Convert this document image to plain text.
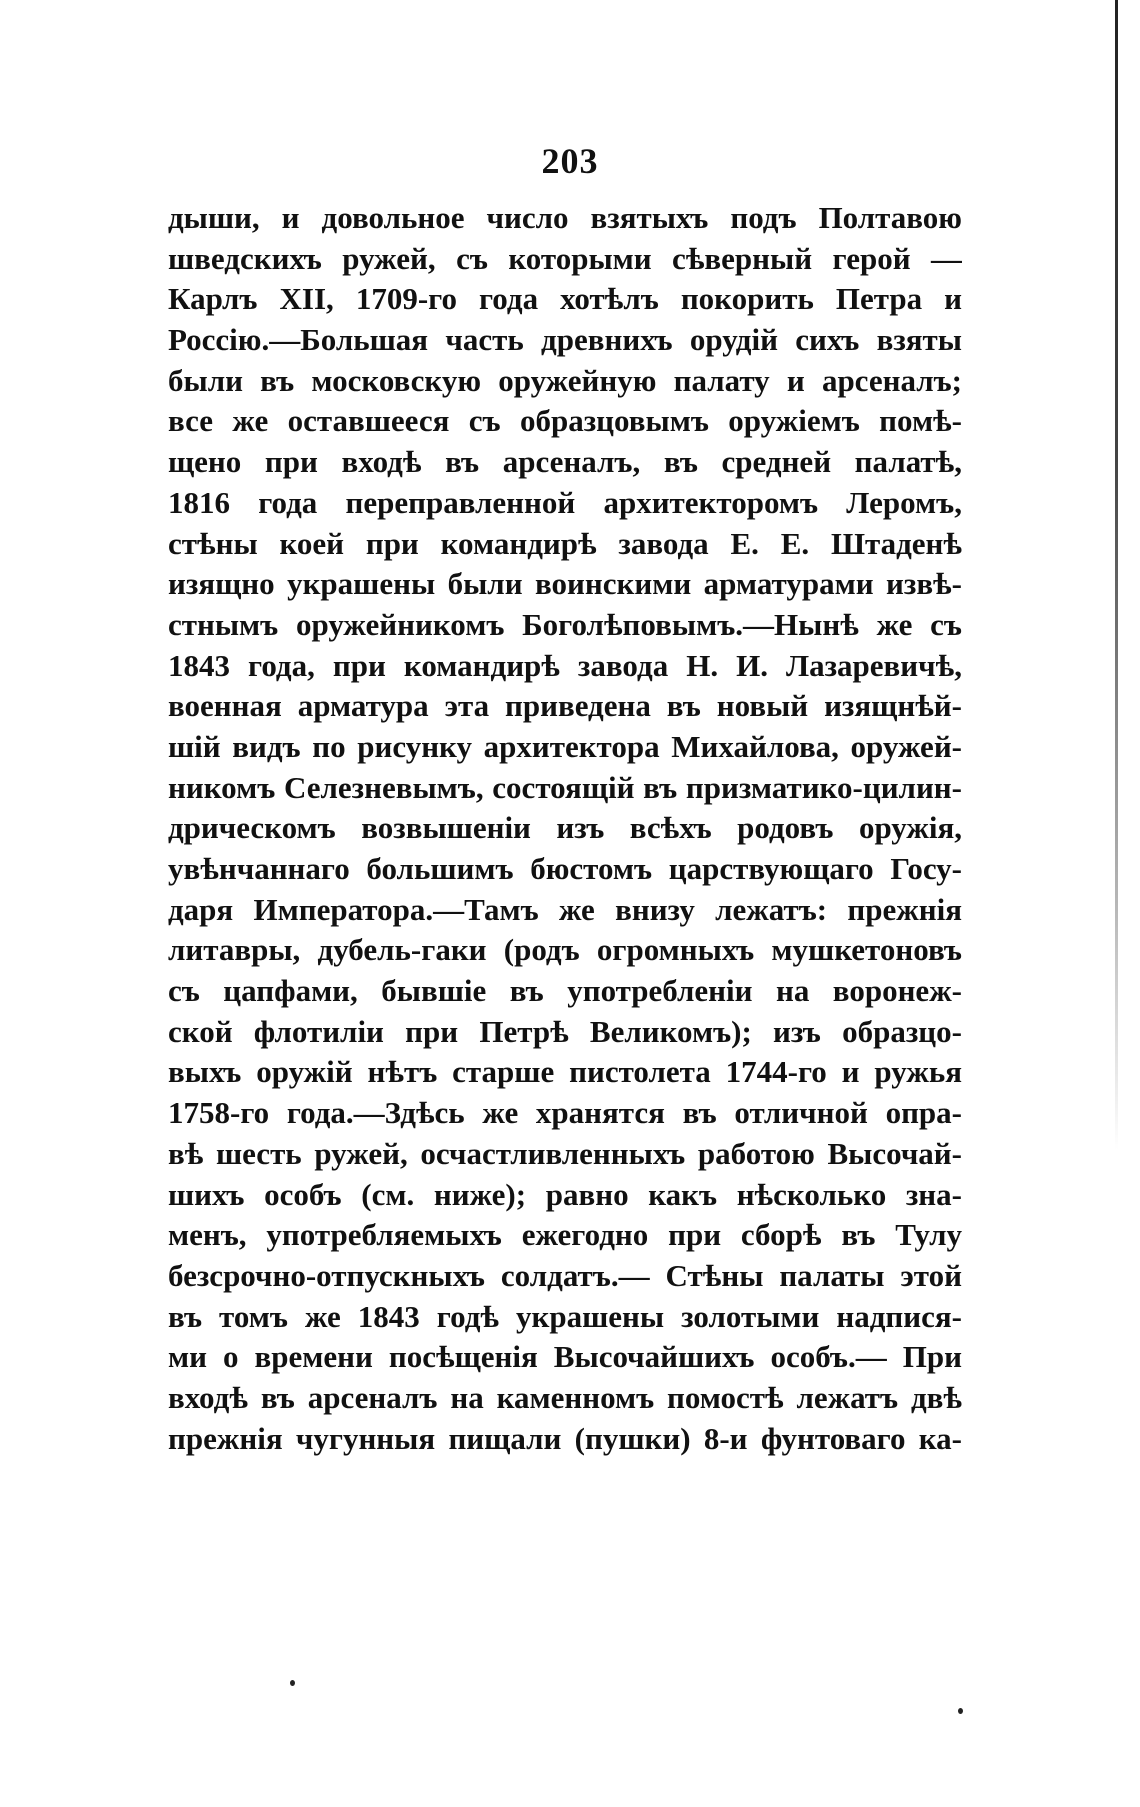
203
дыши, и довольное число взятыхъ подъ Полтавою
шведскихъ ружей, съ которыми сѣверный герой —
Карлъ XII, 1709-го года хотѣлъ покорить Петра и
Россію.—Большая часть древнихъ орудій сихъ взяты
были въ московскую оружейную палату и арсеналъ;
все же оставшееся съ образцовымъ оружіемъ помѣ-
щено при входѣ въ арсеналъ, въ средней палатѣ,
1816 года переправленной архитекторомъ Леромъ,
стѣны коей при командирѣ завода Е. Е. Штаденѣ
изящно украшены были воинскими арматурами извѣ-
стнымъ оружейникомъ Боголѣповымъ.—Нынѣ же съ
1843 года, при командирѣ завода Н. И. Лазаревичѣ,
военная арматура эта приведена въ новый изящнѣй-
шій видъ по рисунку архитектора Михайлова, оружей-
никомъ Селезневымъ, состоящій въ призматико-цилин-
дрическомъ возвышеніи изъ всѣхъ родовъ оружія,
увѣнчаннаго большимъ бюстомъ царствующаго Госу-
даря Императора.—Тамъ же внизу лежатъ: прежнія
литавры, дубель-гаки (родъ огромныхъ мушкетоновъ
съ цапфами, бывшіе въ употребленіи на воронеж-
ской флотиліи при Петрѣ Великомъ); изъ образцо-
выхъ оружій нѣтъ старше пистолета 1744-го и ружья
1758-го года.—Здѣсь же хранятся въ отличной опра-
вѣ шесть ружей, осчастливленныхъ работою Высочай-
шихъ особъ (см. ниже); равно какъ нѣсколько зна-
менъ, употребляемыхъ ежегодно при сборѣ въ Тулу
безсрочно-отпускныхъ солдатъ.— Стѣны палаты этой
въ томъ же 1843 годѣ украшены золотыми надпися-
ми о времени посѣщенія Высочайшихъ особъ.— При
входѣ въ арсеналъ на каменномъ помостѣ лежатъ двѣ
прежнія чугунныя пищали (пушки) 8-и фунтоваго ка-
